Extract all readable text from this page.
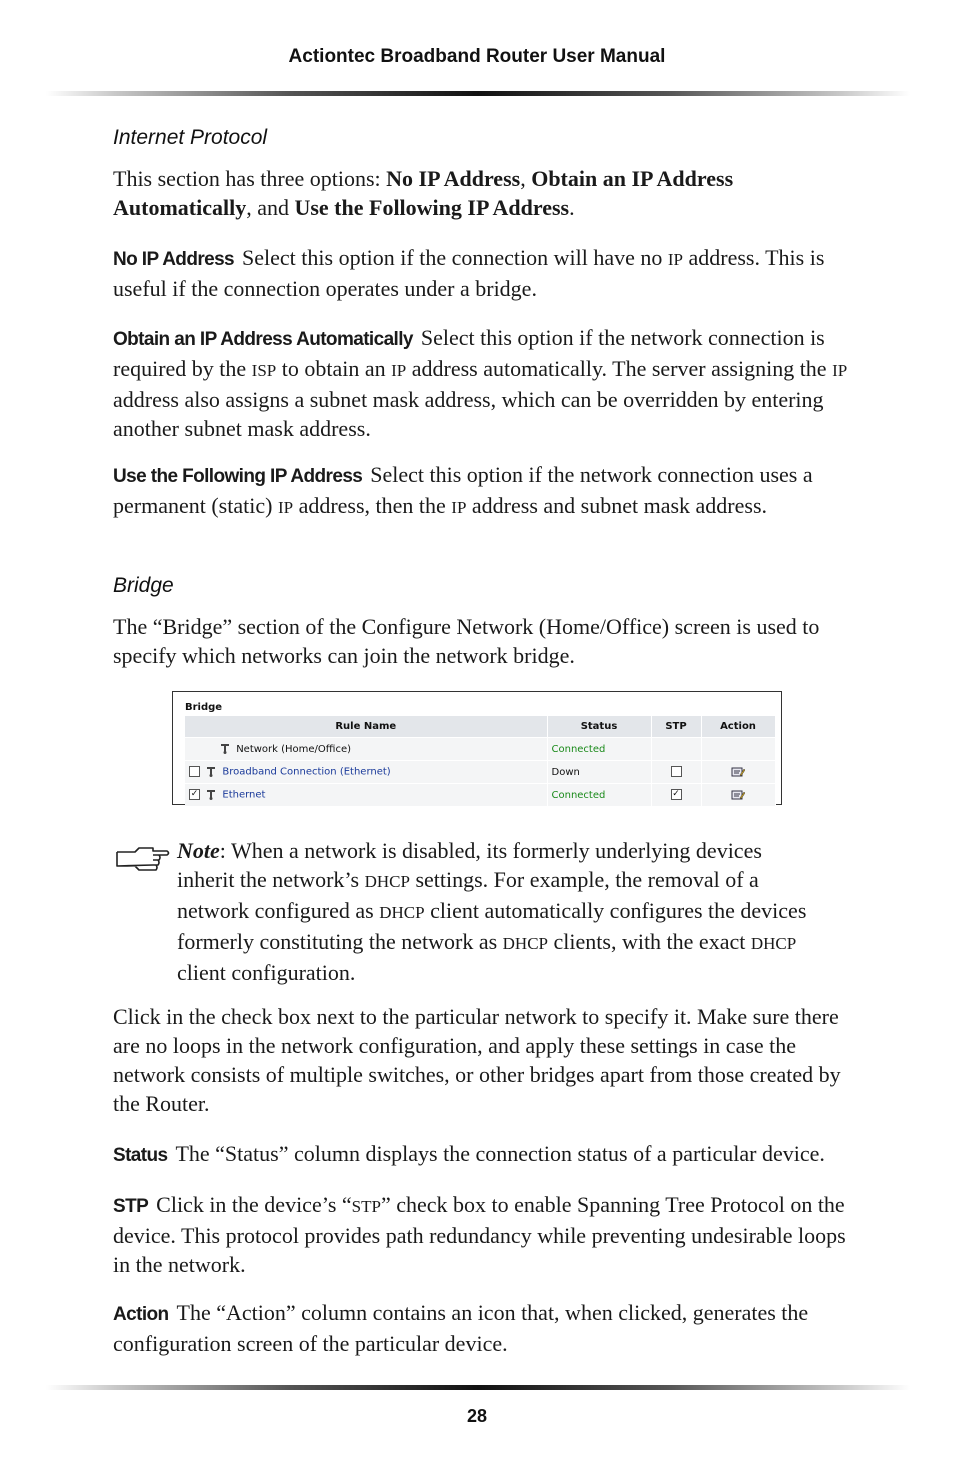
Actiontec Broadband Router User Manual
Internet Protocol

This section has three options: No IP Address, Obtain an IP Address Automatically, and Use the Following IP Address.

No IP Address Select this option if the connection will have no IP address. This is useful if the connection operates under a bridge.

Obtain an IP Address Automatically Select this option if the network connection is required by the ISP to obtain an IP address automatically. The server assigning the IP address also assigns a subnet mask address, which can be overridden by entering another subnet mask address.

Use the Following IP Address Select this option if the network connection uses a permanent (static) IP address, then the IP address and subnet mask address.

Bridge

The “Bridge” section of the Configure Network (Home/Office) screen is used to specify which networks can join the network bridge.

Bridge
Rule Name	Status	STP	Action
Network (Home/Office)	Connected		
Broadband Connection (Ethernet)	Down		
✓ Ethernet	Connected	✓	

Note: When a network is disabled, its formerly underlying devices inherit the network’s DHCP settings. For example, the removal of a network configured as DHCP client automatically configures the devices formerly constituting the network as DHCP clients, with the exact DHCP client configuration.

Click in the check box next to the particular network to specify it. Make sure there are no loops in the network configuration, and apply these settings in case the network consists of multiple switches, or other bridges apart from those created by the Router.

Status The “Status” column displays the connection status of a particular device.

STP Click in the device’s “STP” check box to enable Spanning Tree Protocol on the device. This protocol provides path redundancy while preventing undesirable loops in the network.

Action The “Action” column contains an icon that, when clicked, generates the configuration screen of the particular device.

28
